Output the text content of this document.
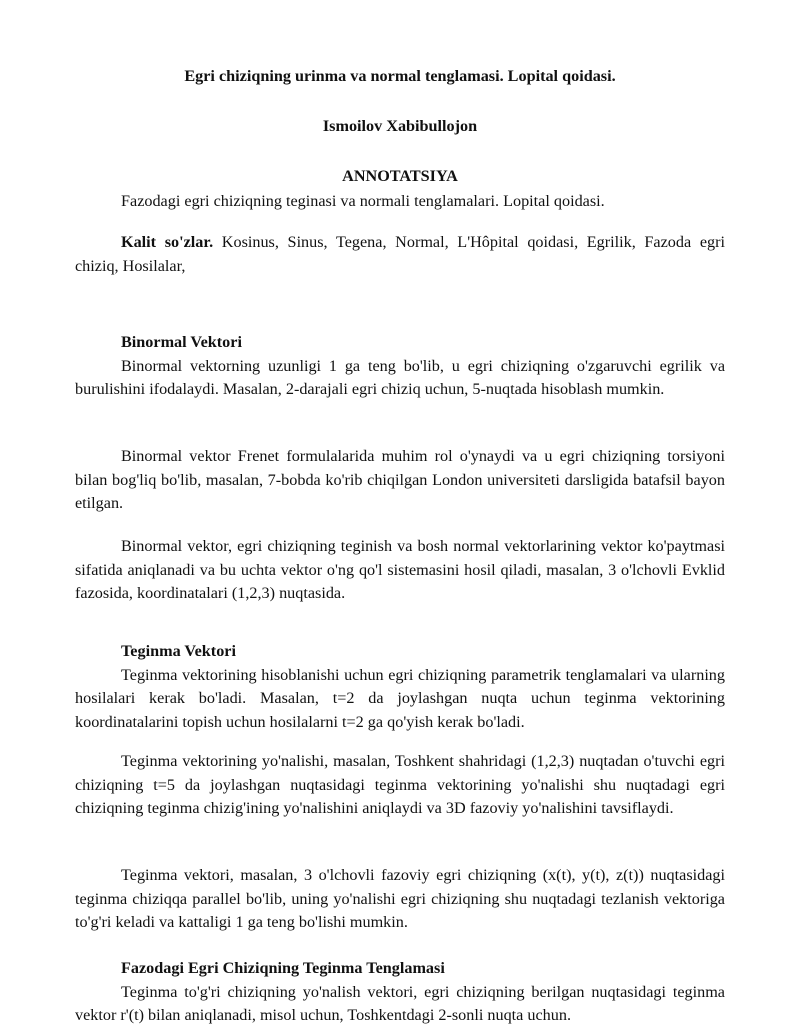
Egri chiziqning urinma va normal tenglamasi. Lopital qoidasi.
Ismoilov Xabibullojon
ANNOTATSIYA

Fazodagi egri chiziqning teginasi va normali tenglamalari. Lopital qoidasi.

Kalit so'zlar. Kosinus, Sinus, Tegena, Normal, L'Hôpital qoidasi, Egrilik, Fazoda egri chiziq, Hosilalar,

Binormal Vektori

Binormal vektorning uzunligi 1 ga teng bo'lib, u egri chiziqning o'zgaruvchi egrilik va burulishini ifodalaydi. Masalan, 2-darajali egri chiziq uchun, 5-nuqtada hisoblash mumkin.

Binormal vektor Frenet formulalarida muhim rol o'ynaydi va u egri chiziqning torsiyoni bilan bog'liq bo'lib, masalan, 7-bobda ko'rib chiqilgan London universiteti darsligida batafsil bayon etilgan.

Binormal vektor, egri chiziqning teginish va bosh normal vektorlarining vektor ko'paytmasi sifatida aniqlanadi va bu uchta vektor o'ng qo'l sistemasini hosil qiladi, masalan, 3 o'lchovli Evklid fazosida, koordinatalari (1,2,3) nuqtasida.

Teginma Vektori

Teginma vektorining hisoblanishi uchun egri chiziqning parametrik tenglamalari va ularning hosilalari kerak bo'ladi. Masalan, t=2 da joylashgan nuqta uchun teginma vektorining koordinatalarini topish uchun hosilalarni t=2 ga qo'yish kerak bo'ladi.

Teginma vektorining yo'nalishi, masalan, Toshkent shahridagi (1,2,3) nuqtadan o'tuvchi egri chiziqning t=5 da joylashgan nuqtasidagi teginma vektorining yo'nalishi shu nuqtadagi egri chiziqning teginma chizig'ining yo'nalishini aniqlaydi va 3D fazoviy yo'nalishini tavsiflaydi.

Teginma vektori, masalan, 3 o'lchovli fazoviy egri chiziqning (x(t), y(t), z(t)) nuqtasidagi teginma chiziqqa parallel bo'lib, uning yo'nalishi egri chiziqning shu nuqtadagi tezlanish vektoriga to'g'ri keladi va kattaligi 1 ga teng bo'lishi mumkin.

Fazodagi Egri Chiziqning Teginma Tenglamasi

Teginma to'g'ri chiziqning yo'nalish vektori, egri chiziqning berilgan nuqtasidagi teginma vektor r'(t) bilan aniqlanadi, misol uchun, Toshkentdagi 2-sonli nuqta uchun.
